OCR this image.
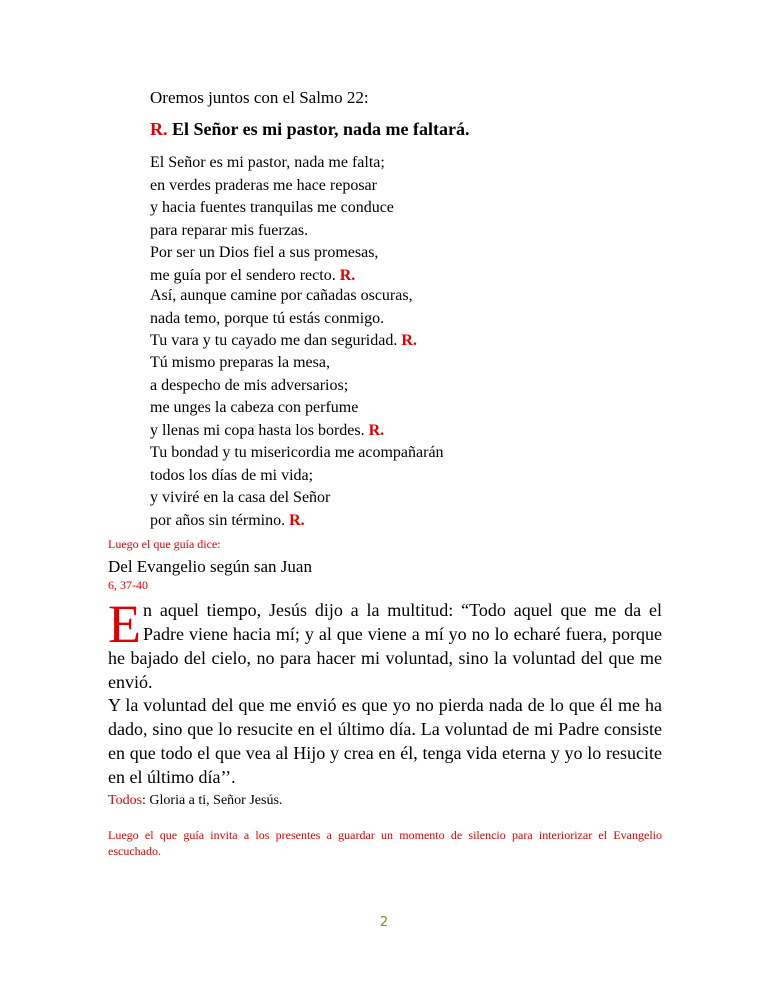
Oremos juntos con el Salmo 22:
R. El Señor es mi pastor, nada me faltará.
El Señor es mi pastor, nada me falta;
en verdes praderas me hace reposar
y hacia fuentes tranquilas me conduce
para reparar mis fuerzas.
Por ser un Dios fiel a sus promesas,
me guía por el sendero recto. R.
Así, aunque camine por cañadas oscuras,
nada temo, porque tú estás conmigo.
Tu vara y tu cayado me dan seguridad. R.
Tú mismo preparas la mesa,
a despecho de mis adversarios;
me unges la cabeza con perfume
y llenas mi copa hasta los bordes. R.
Tu bondad y tu misericordia me acompañarán
todos los días de mi vida;
y viviré en la casa del Señor
por años sin término. R.
Luego el que guía dice:
Del Evangelio según san Juan
6, 37-40

En aquel tiempo, Jesús dijo a la multitud: “Todo aquel que me da el Padre viene hacia mí; y al que viene a mí yo no lo echaré fuera, porque he bajado del cielo, no para hacer mi voluntad, sino la voluntad del que me envió.

Y la voluntad del que me envió es que yo no pierda nada de lo que él me ha dado, sino que lo resucite en el último día. La voluntad de mi Padre consiste en que todo el que vea al Hijo y crea en él, tenga vida eterna y yo lo resucite en el último día’’.

Todos: Gloria a ti, Señor Jesús.

Luego el que guía invita a los presentes a guardar un momento de silencio para interiorizar el Evangelio escuchado.

2
